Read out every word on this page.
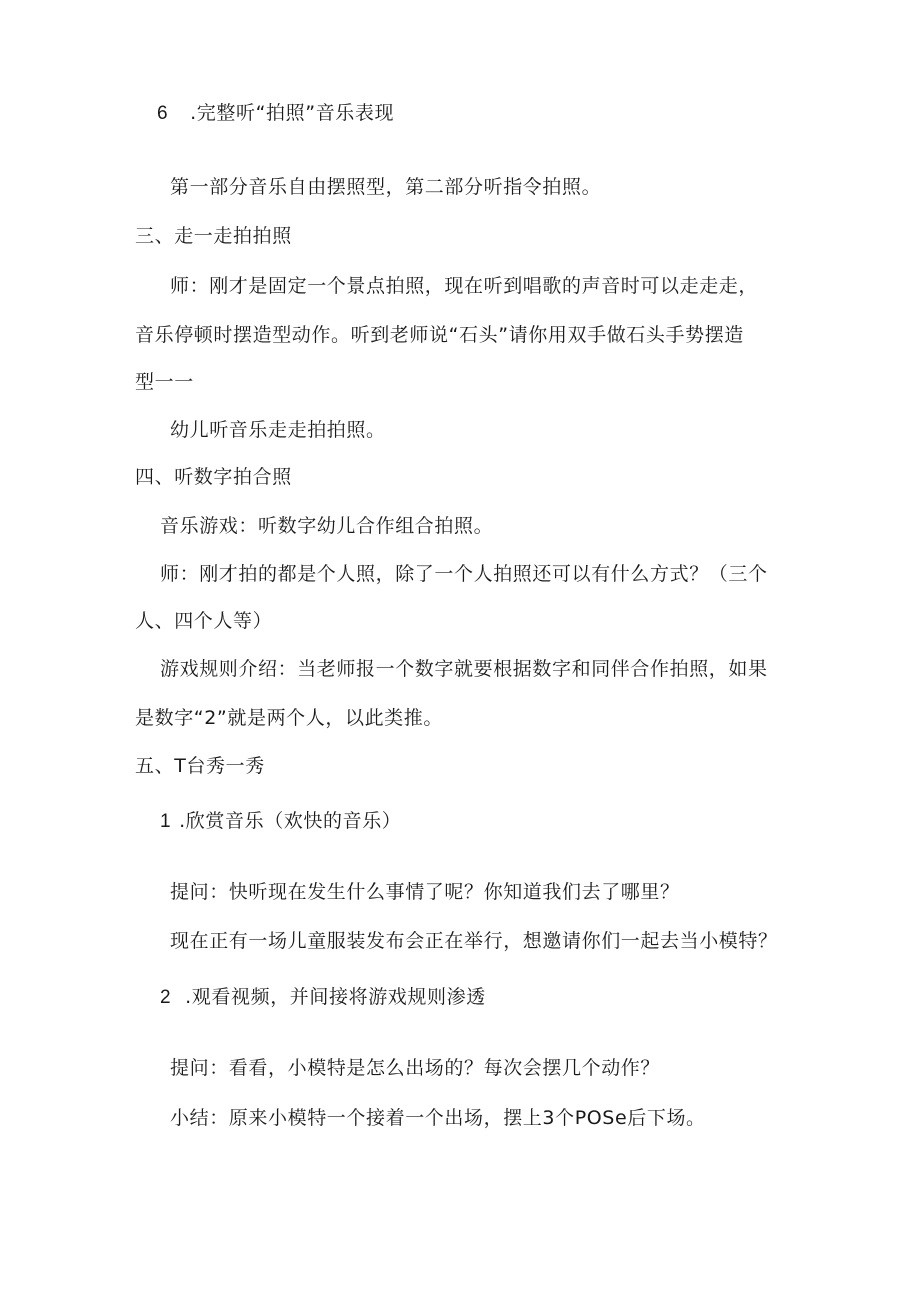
6 .完整听“拍照”音乐表现
第一部分音乐自由摆照型，第二部分听指令拍照。
三、走一走拍拍照
师：刚才是固定一个景点拍照，现在听到唱歌的声音时可以走走走，
音乐停顿时摆造型动作。听到老师说“石头”请你用双手做石头手势摆造
型一一
幼儿听音乐走走拍拍照。
四、听数字拍合照
音乐游戏：听数字幼儿合作组合拍照。
师：刚才拍的都是个人照，除了一个人拍照还可以有什么方式？（三个
人、四个人等）
游戏规则介绍：当老师报一个数字就要根据数字和同伴合作拍照，如果
是数字“2”就是两个人，以此类推。
五、T台秀一秀
1 .欣赏音乐（欢快的音乐）
提问：快听现在发生什么事情了呢？你知道我们去了哪里？
现在正有一场儿童服装发布会正在举行，想邀请你们一起去当小模特？
2 .观看视频，并间接将游戏规则渗透
提问：看看，小模特是怎么出场的？每次会摆几个动作？
小结：原来小模特一个接着一个出场，摆上3个POSe后下场。
